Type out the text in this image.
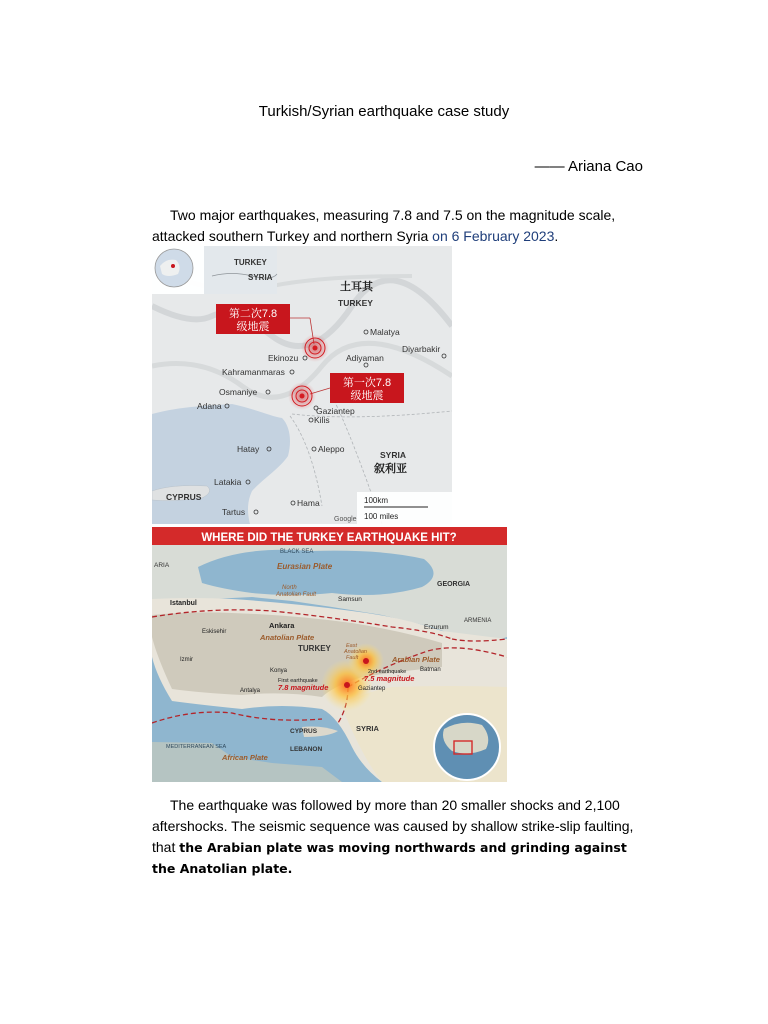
Turkish/Syrian earthquake case study
—— Ariana Cao

Two major earthquakes, measuring 7.8 and 7.5 on the magnitude scale, attacked southern Turkey and northern Syria on 6 February 2023.

TURKEY
SYRIA
土耳其
TURKEY
SYRIA
叙利亚
CYPRUS
第二次7.8
级地震
第一次7.8
级地震
Malatya
Diyarbakir
Adiyaman
Ekinozu
Kahramanmaras
Osmaniye
Adana	Gaziantep
Kilis
Hatay	Aleppo
Latakia
Hama
Tartus
100km
100 miles
Google
WHERE DID THE TURKEY EARTHQUAKE HIT?
BLACK SEA
Eurasian Plate
North
Anatolian Fault
ARIA
Istanbul
Samsun
GEORGIA
ARMENIA
Ankara
Eskisehir
Erzurum
Anatolian Plate
TURKEY	East
Anatolian
Fault	Arabian Plate
Izmir
Konya	Batman
Antalya
2nd earthquake
7.5 magnitude
First earthquake
7.8 magnitude	Gaziantep
SYRIA
CYPRUS
LEBANON
MEDITERRANEAN SEA
African Plate

The earthquake was followed by more than 20 smaller shocks and 2,100 aftershocks. The seismic sequence was caused by shallow strike-slip faulting, that the Arabian plate was moving northwards and grinding against the Anatolian plate.
